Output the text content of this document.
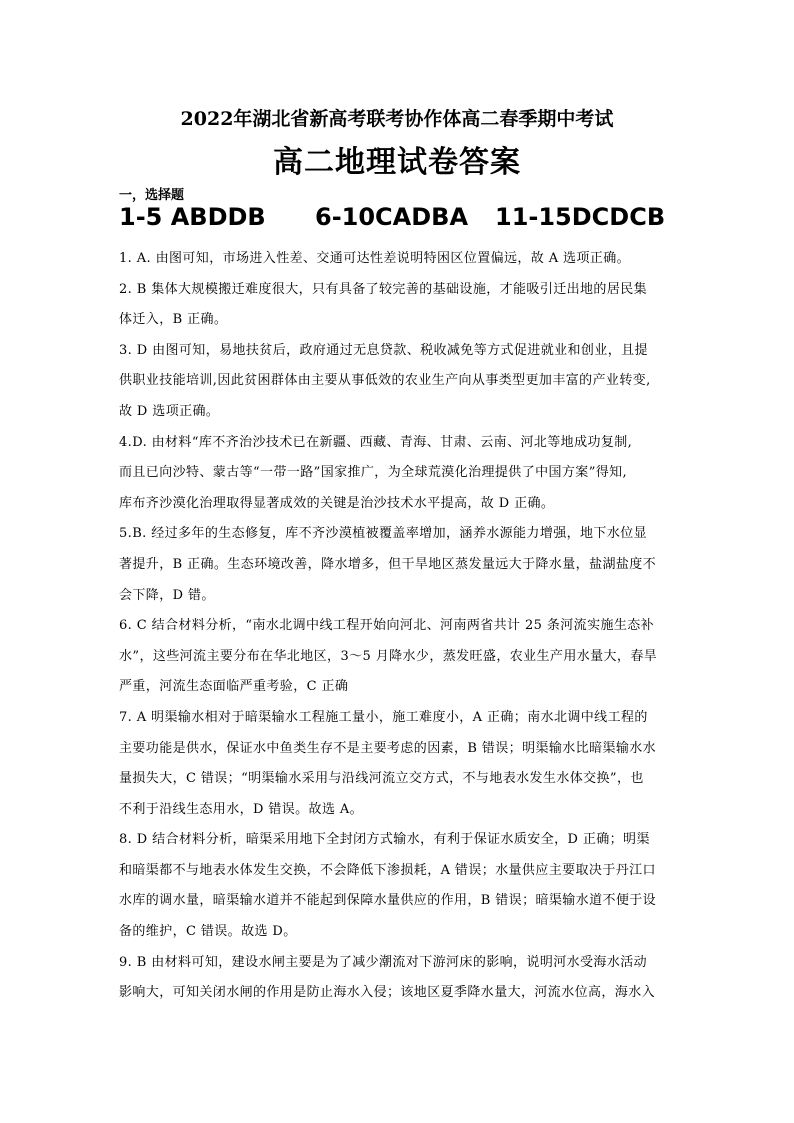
2022年湖北省新高考联考协作体高二春季期中考试
高二地理试卷答案
一，选择题
1-5 ABDDB 6-10CADBA 11-15DCDCB
1. A. 由图可知，市场进入性差、交通可达性差说明特困区位置偏远，故 A 选项正确。
2. B 集体大规模搬迁难度很大，只有具备了较完善的基础设施，才能吸引迁出地的居民集
体迁入，B 正确。
3. D 由图可知，易地扶贫后，政府通过无息贷款、税收减免等方式促进就业和创业，且提
供职业技能培训,因此贫困群体由主要从事低效的农业生产向从事类型更加丰富的产业转变,
故 D 选项正确。
4.D. 由材料“库不齐治沙技术已在新疆、西藏、青海、甘肃、云南、河北等地成功复制,
而且已向沙特、蒙古等“一带一路”国家推广，为全球荒漠化治理提供了中国方案”得知,
库布齐沙漠化治理取得显著成效的关键是治沙技术水平提高，故 D 正确。
5.B. 经过多年的生态修复，库不齐沙漠植被覆盖率增加，涵养水源能力增强，地下水位显
著提升，B 正确。生态环境改善，降水增多，但干旱地区蒸发量远大于降水量，盐湖盐度不
会下降，D 错。
6. C 结合材料分析，“南水北调中线工程开始向河北、河南两省共计 25 条河流实施生态补
水”，这些河流主要分布在华北地区，3～5 月降水少，蒸发旺盛，农业生产用水量大，春旱
严重，河流生态面临严重考验，C 正确
7. A 明渠输水相对于暗渠输水工程施工量小，施工难度小，A 正确；南水北调中线工程的
主要功能是供水，保证水中鱼类生存不是主要考虑的因素，B 错误；明渠输水比暗渠输水水
量损失大，C 错误；“明渠输水采用与沿线河流立交方式，不与地表水发生水体交换”，也
不利于沿线生态用水，D 错误。故选 A。
8. D 结合材料分析，暗渠采用地下全封闭方式输水，有利于保证水质安全，D 正确；明渠
和暗渠都不与地表水体发生交换，不会降低下渗损耗，A 错误；水量供应主要取决于丹江口
水库的调水量，暗渠输水道并不能起到保障水量供应的作用，B 错误；暗渠输水道不便于设
备的维护，C 错误。故选 D。
9. B 由材料可知，建设水闸主要是为了减少潮流对下游河床的影响，说明河水受海水活动
影响大，可知关闭水闸的作用是防止海水入侵；该地区夏季降水量大，河流水位高，海水入
